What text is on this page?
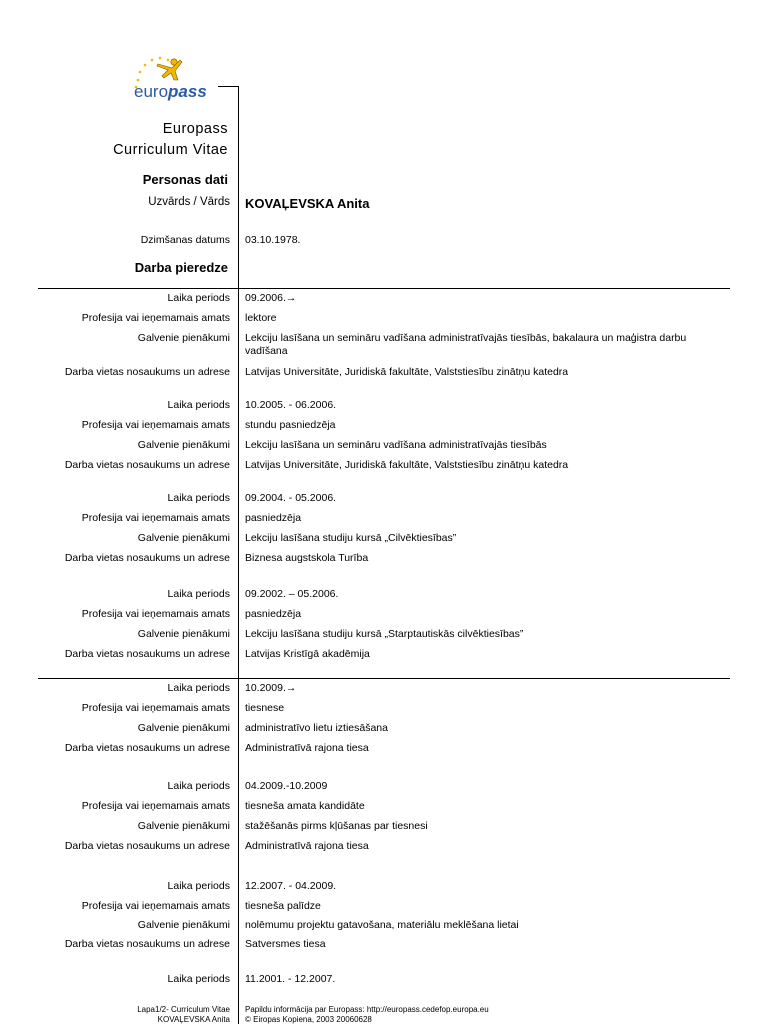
europass
Europass
Curriculum Vitae
Personas dati
Uzvārds / Vārds KOVAĻEVSKA Anita
Dzimšanas datums 03.10.1978.
Darba pieredze
Laika periods 09.2006.→
Profesija vai ieņemamais amats lektore
Galvenie pienākumi Lekciju lasīšana un semināru vadīšana administratīvajās tiesībās, bakalaura un maģistra darbu vadīšana
Darba vietas nosaukums un adrese Latvijas Universitāte, Juridiskā fakultāte, Valststiesību zinātņu katedra
Laika periods 10.2005. - 06.2006.
Profesija vai ieņemamais amats stundu pasniedzēja
Galvenie pienākumi Lekciju lasīšana un semināru vadīšana administratīvajās tiesībās
Darba vietas nosaukums un adrese Latvijas Universitāte, Juridiskā fakultāte, Valststiesību zinātņu katedra
Laika periods 09.2004. - 05.2006.
Profesija vai ieņemamais amats pasniedzēja
Galvenie pienākumi Lekciju lasīšana studiju kursā „Cilvēktiesības”
Darba vietas nosaukums un adrese Biznesa augstskola Turība
Laika periods 09.2002. – 05.2006.
Profesija vai ieņemamais amats pasniedzēja
Galvenie pienākumi Lekciju lasīšana studiju kursā „Starptautiskās cilvēktiesības”
Darba vietas nosaukums un adrese Latvijas Kristīgā akadēmija
Laika periods 10.2009.→
Profesija vai ieņemamais amats tiesnese
Galvenie pienākumi administratīvo lietu iztiesāšana
Darba vietas nosaukums un adrese Administratīvā rajona tiesa
Laika periods 04.2009.-10.2009
Profesija vai ieņemamais amats tiesneša amata kandidāte
Galvenie pienākumi stažēšanās pirms kļūšanas par tiesnesi
Darba vietas nosaukums un adrese Administratīvā rajona tiesa
Laika periods 12.2007. - 04.2009.
Profesija vai ieņemamais amats tiesneša palīdze
Galvenie pienākumi nolēmumu projektu gatavošana, materiālu meklēšana lietai
Darba vietas nosaukums un adrese Satversmes tiesa
Laika periods 11.2001. - 12.2007.
Lapa1/2- Curriculum Vitae
KOVAĻEVSKA Anita
Papildu informācija par Europass: http://europass.cedefop.europa.eu
© Eiropas Kopiena, 2003 20060628
